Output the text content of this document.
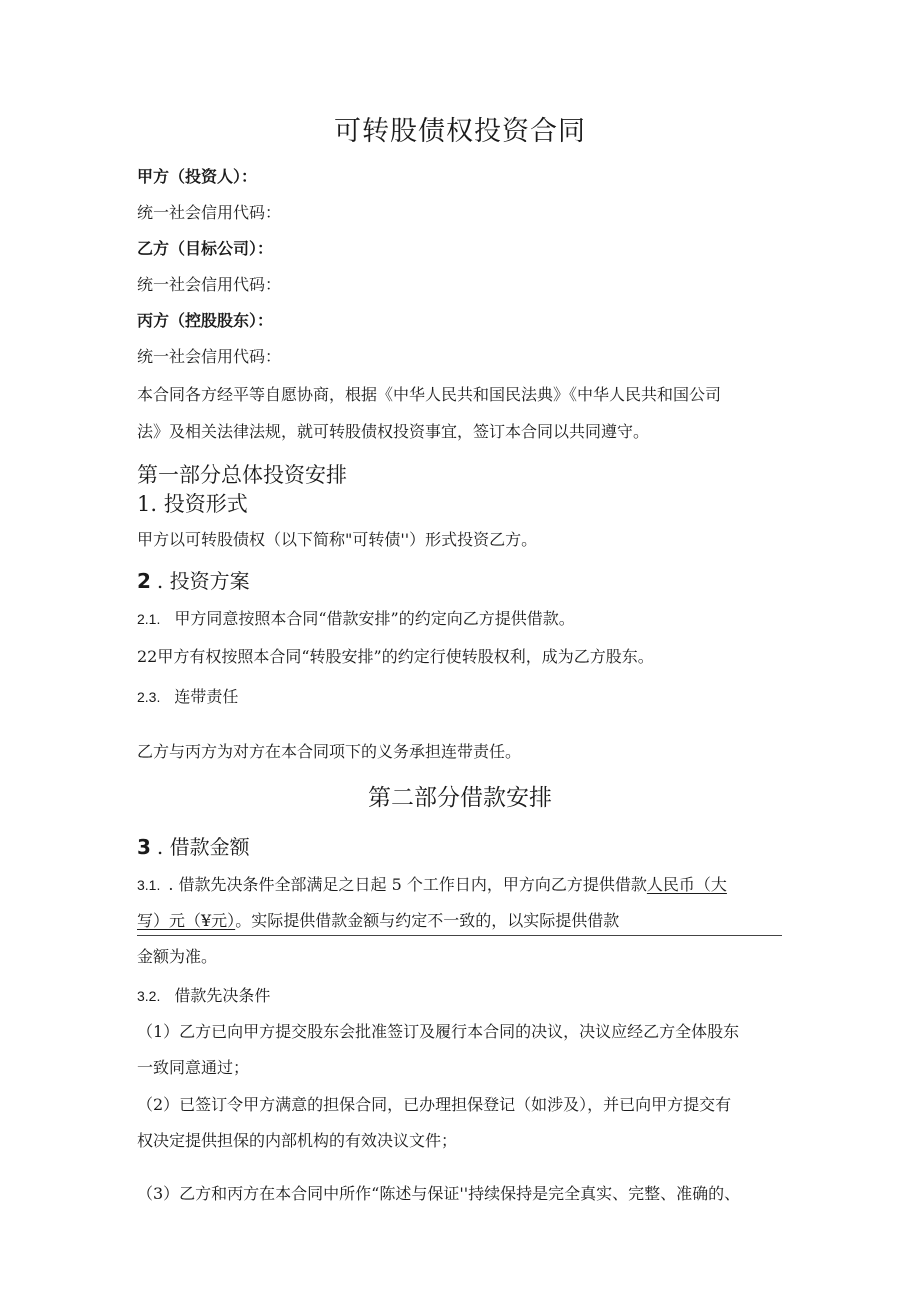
可转股债权投资合同
甲方（投资人）：
统一社会信用代码：
乙方（目标公司）：
统一社会信用代码：
丙方（控股股东）：
统一社会信用代码：
本合同各方经平等自愿协商，根据《中华人民共和国民法典》《中华人民共和国公司
法》及相关法律法规，就可转股债权投资事宜，签订本合同以共同遵守。
第一部分总体投资安排
1. 投资形式
甲方以可转股债权（以下简称"可转债''）形式投资乙方。
2 . 投资方案
2.1. 甲方同意按照本合同“借款安排”的约定向乙方提供借款。
22甲方有权按照本合同“转股安排”的约定行使转股权利，成为乙方股东。
2.3. 连带责任
乙方与丙方为对方在本合同项下的义务承担连带责任。
第二部分借款安排
3 . 借款金额
3.1. . 借款先决条件全部满足之日起 5 个工作日内，甲方向乙方提供借款人民币（大
写）元（¥元）。实际提供借款金额与约定不一致的，以实际提供借款
金额为准。
3.2. 借款先决条件
（1）乙方已向甲方提交股东会批准签订及履行本合同的决议，决议应经乙方全体股东
一致同意通过；
（2）已签订令甲方满意的担保合同，已办理担保登记（如涉及），并已向甲方提交有
权决定提供担保的内部机构的有效决议文件；
（3）乙方和丙方在本合同中所作“陈述与保证''持续保持是完全真实、完整、准确的、
